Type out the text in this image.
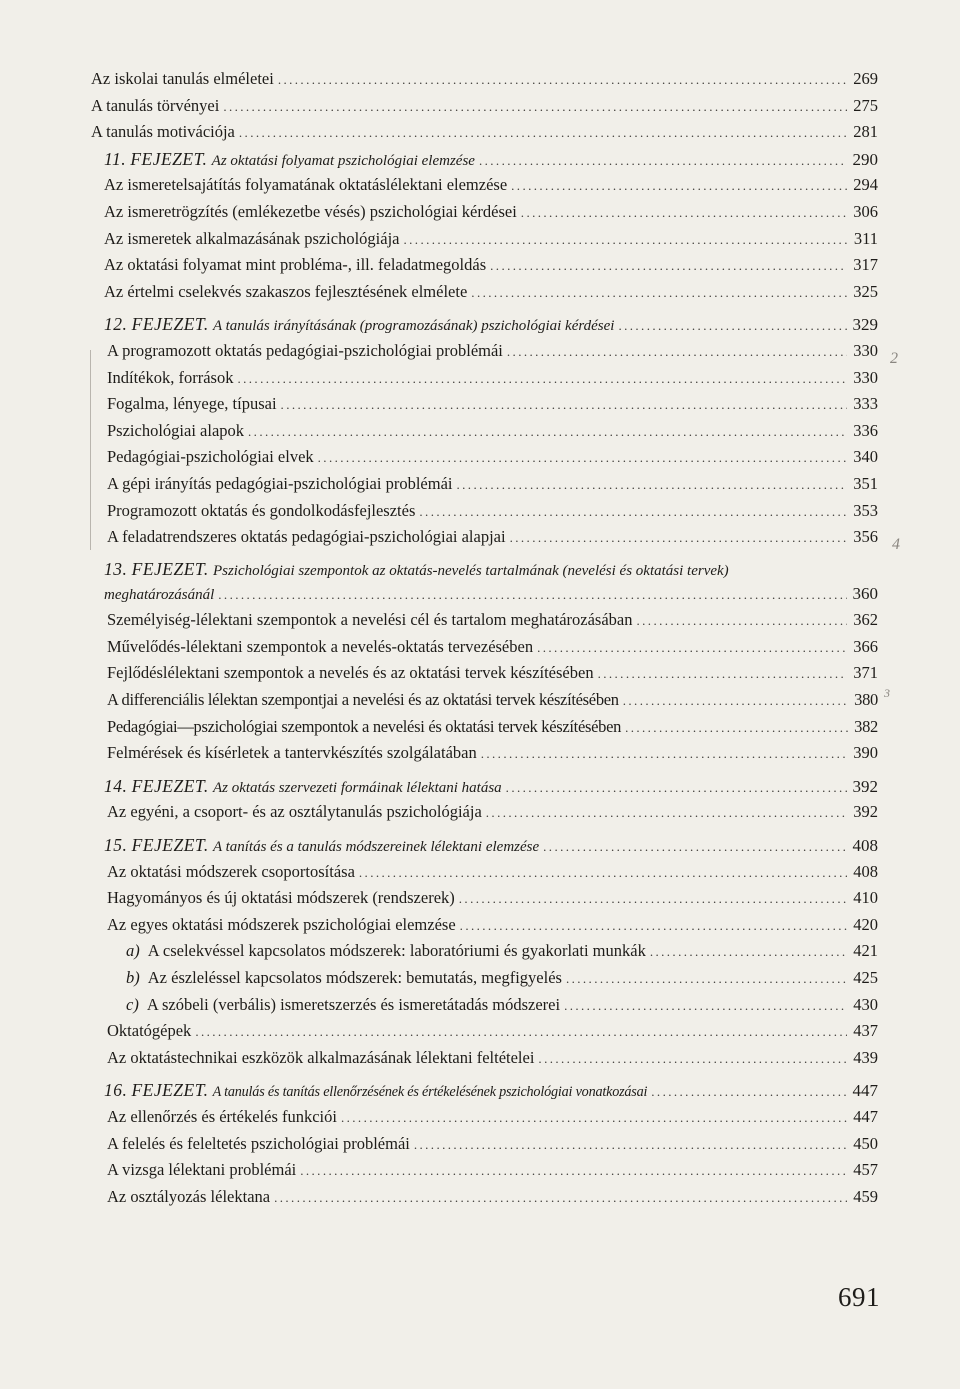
2
4
3
Az iskolai tanulás elméletei .....	269
A tanulás törvényei .....	275
A tanulás motivációja .....	281
11. FEJEZET. Az oktatási folyamat pszichológiai elemzése .....	290
Az ismeretelsajátítás folyamatának oktatáslélektani elemzése .....	294
Az ismeretrögzítés (emlékezetbe vésés) pszichológiai kérdései .....	306
Az ismeretek alkalmazásának pszichológiája .....	311
Az oktatási folyamat mint probléma-, ill. feladatmegoldás .....	317
Az értelmi cselekvés szakaszos fejlesztésének elmélete .....	325
12. FEJEZET. A tanulás irányításának (programozásának) pszichológiai kérdései .....	329
A programozott oktatás pedagógiai-pszichológiai problémái .....	330
Indítékok, források .....	330
Fogalma, lényege, típusai .....	333
Pszichológiai alapok .....	336
Pedagógiai-pszichológiai elvek .....	340
A gépi irányítás pedagógiai-pszichológiai problémái .....	351
Programozott oktatás és gondolkodásfejlesztés .....	353
A feladatrendszeres oktatás pedagógiai-pszichológiai alapjai .....	356
13. FEJEZET. Pszichológiai szempontok az oktatás-nevelés tartalmának (nevelési és oktatási tervek)
meghatározásánál .....	360
Személyiség-lélektani szempontok a nevelési cél és tartalom meghatározásában .....	362
Művelődés-lélektani szempontok a nevelés-oktatás tervezésében .....	366
Fejlődéslélektani szempontok a nevelés és az oktatási tervek készítésében .....	371
A differenciális lélektan szempontjai a nevelési és az oktatási tervek készítésében .....	380
Pedagógiai—pszichológiai szempontok a nevelési és oktatási tervek készítésében .....	382
Felmérések és kísérletek a tantervkészítés szolgálatában .....	390
14. FEJEZET. Az oktatás szervezeti formáinak lélektani hatása .....	392
Az egyéni, a csoport- és az osztálytanulás pszichológiája .....	392
15. FEJEZET. A tanítás és a tanulás módszereinek lélektani elemzése .....	408
Az oktatási módszerek csoportosítása .....	408
Hagyományos és új oktatási módszerek (rendszerek) .....	410
Az egyes oktatási módszerek pszichológiai elemzése .....	420
a) A cselekvéssel kapcsolatos módszerek: laboratóriumi és gyakorlati munkák .....	421
b) Az észleléssel kapcsolatos módszerek: bemutatás, megfigyelés .....	425
c) A szóbeli (verbális) ismeretszerzés és ismeretátadás módszerei .....	430
Oktatógépek .....	437
Az oktatástechnikai eszközök alkalmazásának lélektani feltételei .....	439
16. FEJEZET. A tanulás és tanítás ellenőrzésének és értékelésének pszichológiai vonatkozásai .....	447
Az ellenőrzés és értékelés funkciói .....	447
A felelés és feleltetés pszichológiai problémái .....	450
A vizsga lélektani problémái .....	457
Az osztályozás lélektana .....	459
691
